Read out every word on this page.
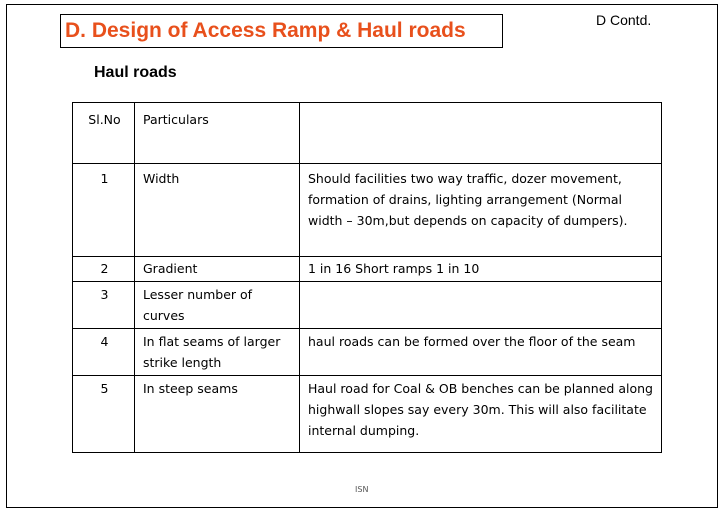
D. Design of Access Ramp & Haul roads	D Contd.
Haul roads
Sl.No	Particulars	
1	Width	Should facilities two way traffic, dozer movement, formation of drains, lighting arrangement (Normal width – 30m,but depends on capacity of dumpers).
2	Gradient	1 in 16 Short ramps 1 in 10
3	Lesser number of curves	
4	In flat seams of larger strike length	haul roads can be formed over the floor of the seam
5	In steep seams	Haul road for Coal & OB benches can be planned along highwall slopes say every 30m. This will also facilitate internal dumping.
ISN
